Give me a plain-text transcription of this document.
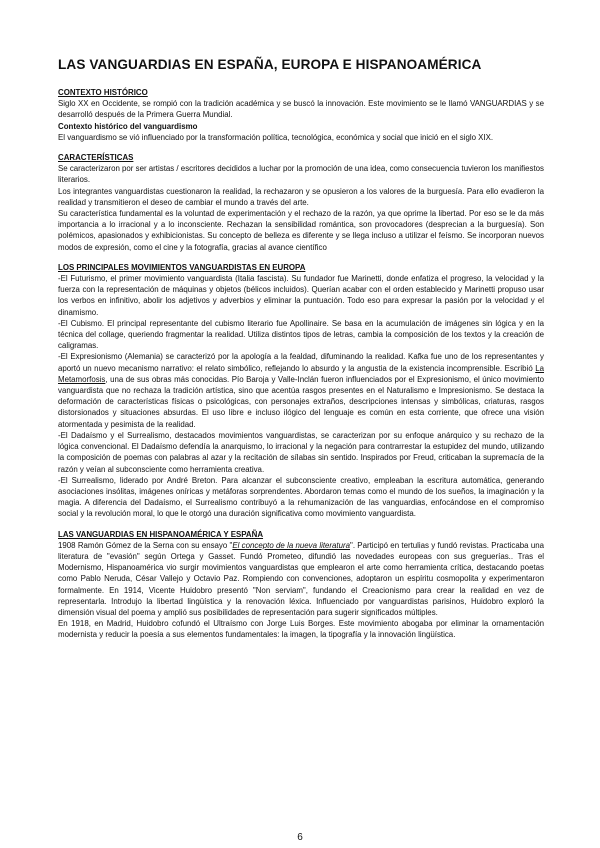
LAS VANGUARDIAS EN ESPAÑA, EUROPA E HISPANOAMÉRICA

CONTEXTO HISTÓRICO

Siglo XX en Occidente, se rompió con la tradición académica y se buscó la innovación. Este movimiento se le llamó VANGUARDIAS y se desarrolló después de la Primera Guerra Mundial.

Contexto histórico del vanguardismo

El vanguardismo se vió influenciado por la transformación política, tecnológica, económica y social que inició en el siglo XIX.

CARACTERÍSTICAS

Se caracterizaron por ser artistas / escritores decididos a luchar por la promoción de una idea, como consecuencia tuvieron los manifiestos literarios.

Los integrantes vanguardistas cuestionaron la realidad, la rechazaron y se opusieron a los valores de la burguesía. Para ello evadieron la realidad y transmitieron el deseo de cambiar el mundo a través del arte.

Su característica fundamental es la voluntad de experimentación y el rechazo de la razón, ya que oprime la libertad. Por eso se le da más importancia a lo irracional y a lo inconsciente. Rechazan la sensibilidad romántica, son provocadores (desprecian a la burguesía). Son polémicos, apasionados y exhibicionistas. Su concepto de belleza es diferente y se llega incluso a utilizar el feísmo. Se incorporan nuevos modos de expresión, como el cine y la fotografía, gracias al avance científico

LOS PRINCIPALES MOVIMIENTOS VANGUARDISTAS EN EUROPA

-El Futurismo, el primer movimiento vanguardista (Italia fascista). Su fundador fue Marinetti, donde enfatiza el progreso, la velocidad y la fuerza con la representación de máquinas y objetos (bélicos incluidos). Querían acabar con el orden establecido y Marinetti propuso usar los verbos en infinitivo, abolir los adjetivos y adverbios y eliminar la puntuación. Todo eso para expresar la pasión por la velocidad y el dinamismo.

-El Cubismo. El principal representante del cubismo literario fue Apollinaire. Se basa en la acumulación de imágenes sin lógica y en la técnica del collage, queriendo fragmentar la realidad. Utiliza distintos tipos de letras, cambia la composición de los textos y la creación de caligramas.

-El Expresionismo (Alemania) se caracterizó por la apología a la fealdad, difuminando la realidad. Kafka fue uno de los representantes y aportó un nuevo mecanismo narrativo: el relato simbólico, reflejando lo absurdo y la angustia de la existencia incomprensible. Escribió La Metamorfosis, una de sus obras más conocidas. Pío Baroja y Valle-Inclán fueron influenciados por el Expresionismo, el único movimiento vanguardista que no rechaza la tradición artística, sino que acentúa rasgos presentes en el Naturalismo e Impresionismo. Se destaca la deformación de características físicas o psicológicas, con personajes extraños, descripciones intensas y simbólicas, criaturas, rasgos distorsionados y situaciones absurdas. El uso libre e incluso ilógico del lenguaje es común en esta corriente, que ofrece una visión atormentada y pesimista de la realidad.

-El Dadaísmo y el Surrealismo, destacados movimientos vanguardistas, se caracterizan por su enfoque anárquico y su rechazo de la lógica convencional. El Dadaísmo defendía la anarquismo, lo irracional y la negación para contrarrestar la estupidez del mundo, utilizando la composición de poemas con palabras al azar y la recitación de sílabas sin sentido. Inspirados por Freud, criticaban la supremacía de la razón y veían al subconsciente como herramienta creativa.

-El Surrealismo, liderado por André Breton. Para alcanzar el subconsciente creativo, empleaban la escritura automática, generando asociaciones insólitas, imágenes oníricas y metáforas sorprendentes. Abordaron temas como el mundo de los sueños, la imaginación y la magia. A diferencia del Dadaísmo, el Surrealismo contribuyó a la rehumanización de las vanguardias, enfocándose en el compromiso social y la revolución moral, lo que le otorgó una duración significativa como movimiento vanguardista.

LAS VANGUARDIAS EN HISPANOAMÉRICA Y ESPAÑA

1908 Ramón Gómez de la Serna con su ensayo "El concepto de la nueva literatura". Participó en tertulias y fundó revistas. Practicaba una literatura de "evasión" según Ortega y Gasset. Fundó Prometeo, difundió las novedades europeas con sus greguerías.. Tras el Modernismo, Hispanoamérica vio surgir movimientos vanguardistas que emplearon el arte como herramienta crítica, destacando poetas como Pablo Neruda, César Vallejo y Octavio Paz. Rompiendo con convenciones, adoptaron un espíritu cosmopolita y experimentaron formalmente. En 1914, Vicente Huidobro presentó "Non serviam", fundando el Creacionismo para crear la realidad en vez de representarla. Introdujo la libertad lingüística y la renovación léxica. Influenciado por vanguardistas parisinos, Huidobro exploró la dimensión visual del poema y amplió sus posibilidades de representación para sugerir significados múltiples.

En 1918, en Madrid, Huidobro cofundó el Ultraísmo con Jorge Luis Borges. Este movimiento abogaba por eliminar la ornamentación modernista y reducir la poesía a sus elementos fundamentales: la imagen, la tipografía y la innovación lingüística.

6
